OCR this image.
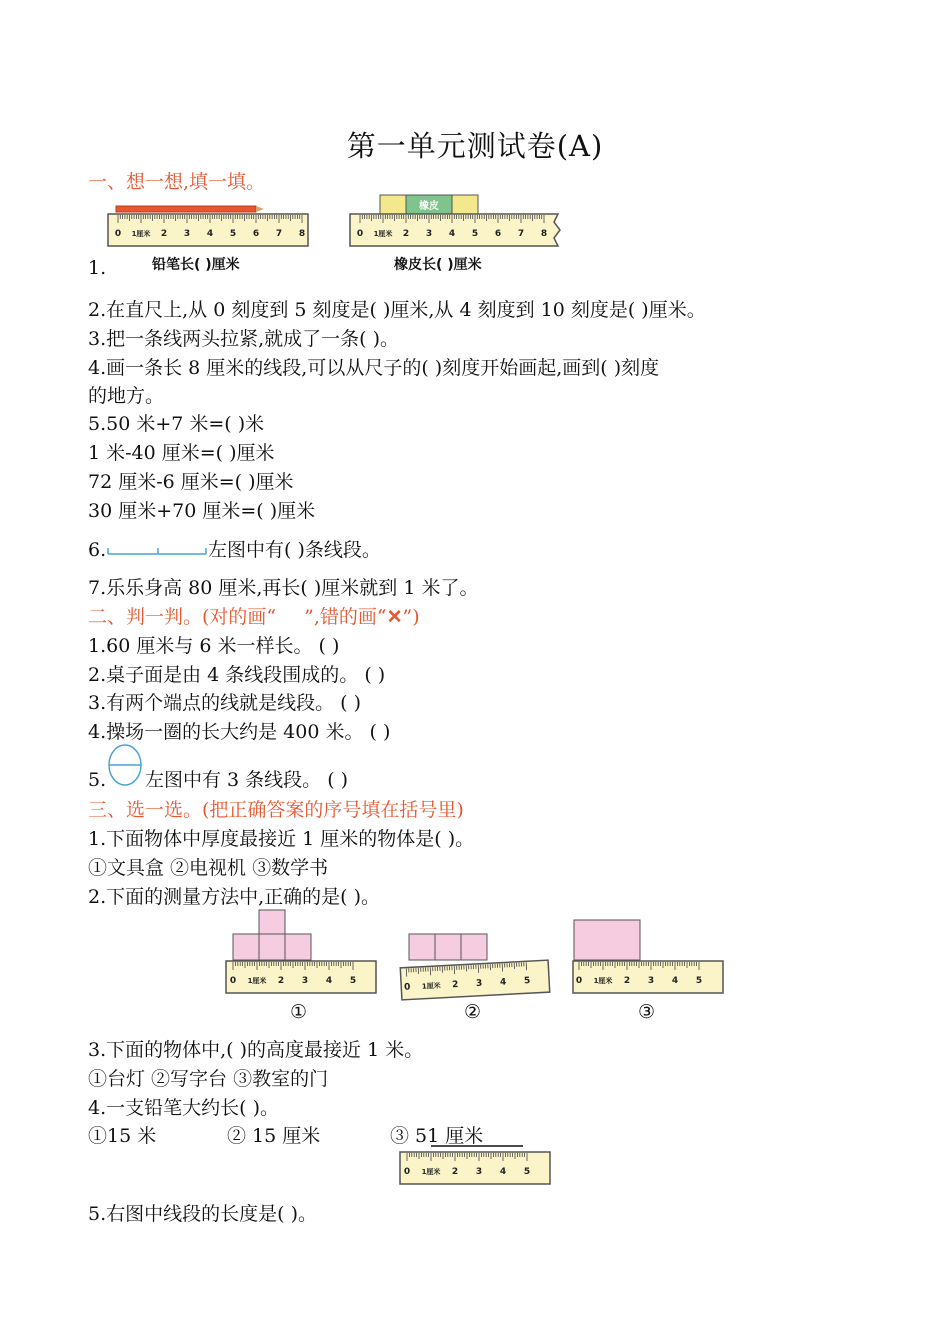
第一单元测试卷(A)
一、想一想,填一填。
0 1厘米 2 3 4 5 6 7 8
橡皮
0 1厘米 2 3 4 5 6 7 8
1.	铅笔长( )厘米	橡皮长( )厘米
2.在直尺上,从 0 刻度到 5 刻度是( )厘米,从 4 刻度到 10 刻度是( )厘米。
3.把一条线两头拉紧,就成了一条( )。
4.画一条长 8 厘米的线段,可以从尺子的( )刻度开始画起,画到( )刻度
的地方。
5.50 米+7 米=( )米
1 米-40 厘米=( )厘米
72 厘米-6 厘米=( )厘米
30 厘米+70 厘米=( )厘米
6.	左图中有( )条线段。
7.乐乐身高 80 厘米,再长( )厘米就到 1 米了。
二、判一判。(对的画“ ”,错的画“✕”)
1.60 厘米与 6 米一样长。 ( )
2.桌子面是由 4 条线段围成的。 ( )
3.有两个端点的线就是线段。 ( )
4.操场一圈的长大约是 400 米。 ( )
5. 左图中有 3 条线段。 ( )
三、选一选。(把正确答案的序号填在括号里)
1.下面物体中厚度最接近 1 厘米的物体是( )。
①文具盒 ②电视机 ③数学书
2.下面的测量方法中,正确的是( )。
0 1厘米 2 3 4 5
①
0 1厘米 2 3 4 5
②
0 1厘米 2 3 4 5
③
3.下面的物体中,( )的高度最接近 1 米。
①台灯 ②写字台 ③教室的门
4.一支铅笔大约长( )。
①15 米	② 15 厘米	③ 51 厘米
0 1厘米 2 3 4 5
5.右图中线段的长度是( )。
